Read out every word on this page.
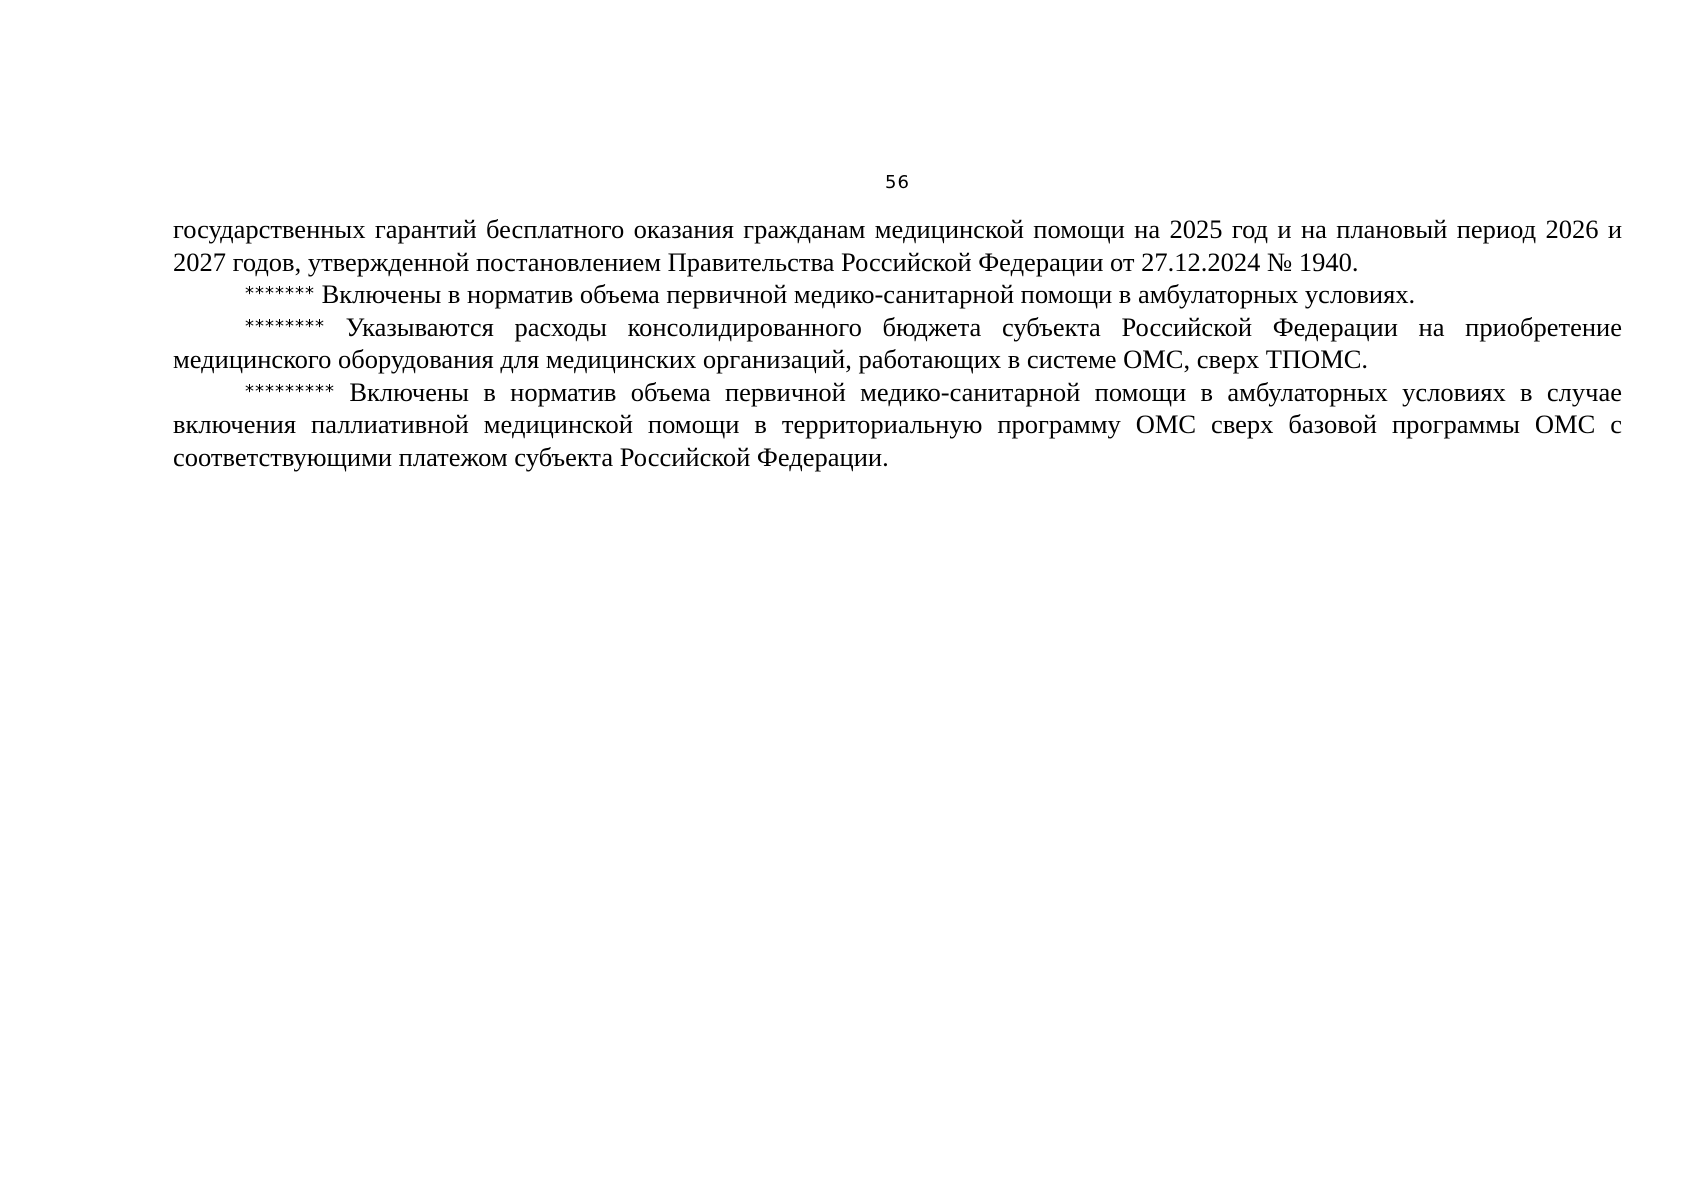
56

государственных гарантий бесплатного оказания гражданам медицинской помощи на 2025 год и на плановый период 2026 и 2027 годов, утвержденной постановлением Правительства Российской Федерации от 27.12.2024 № 1940.

******* Включены в норматив объема первичной медико-санитарной помощи в амбулаторных условиях.

******** Указываются расходы консолидированного бюджета субъекта Российской Федерации на приобретение медицинского оборудования для медицинских организаций, работающих в системе ОМС, сверх ТПОМС.

********* Включены в норматив объема первичной медико-санитарной помощи в амбулаторных условиях в случае включения паллиативной медицинской помощи в территориальную программу ОМС сверх базовой программы ОМС с соответствующими платежом субъекта Российской Федерации.
